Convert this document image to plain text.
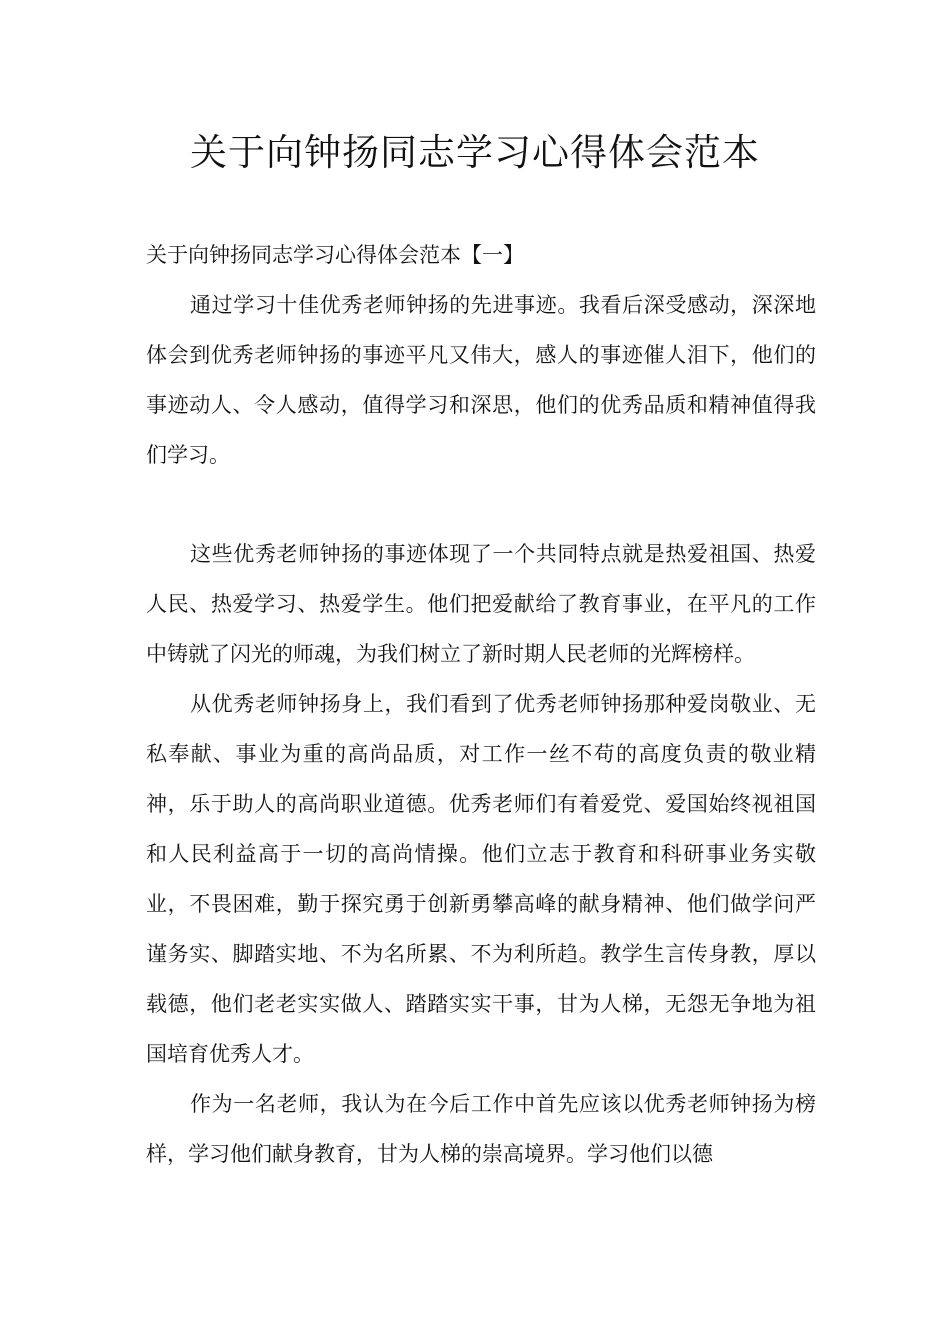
关于向钟扬同志学习心得体会范本

关于向钟扬同志学习心得体会范本【一】

通过学习十佳优秀老师钟扬的先进事迹。我看后深受感动，深深地体会到优秀老师钟扬的事迹平凡又伟大，感人的事迹催人泪下，他们的事迹动人、令人感动，值得学习和深思，他们的优秀品质和精神值得我们学习。

这些优秀老师钟扬的事迹体现了一个共同特点就是热爱祖国、热爱人民、热爱学习、热爱学生。他们把爱献给了教育事业，在平凡的工作中铸就了闪光的师魂，为我们树立了新时期人民老师的光辉榜样。

从优秀老师钟扬身上，我们看到了优秀老师钟扬那种爱岗敬业、无私奉献、事业为重的高尚品质，对工作一丝不苟的高度负责的敬业精神，乐于助人的高尚职业道德。优秀老师们有着爱党、爱国始终视祖国和人民利益高于一切的高尚情操。他们立志于教育和科研事业务实敬业，不畏困难，勤于探究勇于创新勇攀高峰的献身精神、他们做学问严谨务实、脚踏实地、不为名所累、不为利所趋。教学生言传身教，厚以载德，他们老老实实做人、踏踏实实干事，甘为人梯，无怨无争地为祖国培育优秀人才。

作为一名老师，我认为在今后工作中首先应该以优秀老师钟扬为榜样，学习他们献身教育，甘为人梯的崇高境界。学习他们以德
